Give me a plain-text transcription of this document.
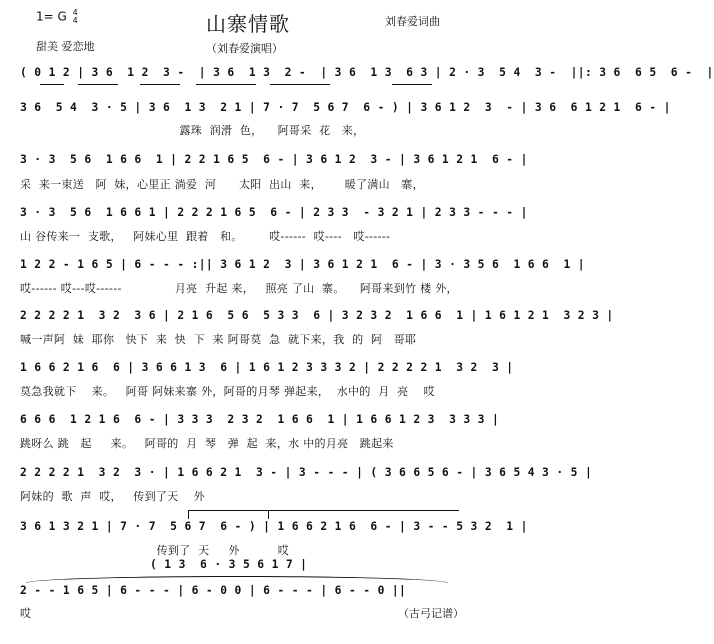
1= G 4
4
甜美 爱恋地
山寨情歌
（刘春爱演唱）
刘春爱词曲
( 0 1 2 | 3 6  1 2  3 -  | 3 6  1 3  2 -  | 3 6  1 3  6 3 | 2 · 3  5 4  3 -  ||: 3 6  6 5  6 -  |
3 6  5 4  3 · 5 | 3 6  1 3  2 1 | 7 · 7  5 6 7  6 - ) | 3 6 1 2  3  - | 3 6  6 1 2 1  6 - |
露珠  润滑  色，    阿哥采  花   来，
3 · 3  5 6  1 6 6  1 | 2 2 1 6 5  6 - | 3 6 1 2  3 - | 3 6 1 2 1  6 - |
采  来一束送   阿  妹，心里正 淌爱  河      太阳  出山  来，      暖了满山   寨，
3 · 3  5 6  1 6 6 1 | 2 2 2 1 6 5  6 - | 2 3 3  - 3 2 1 | 2 3 3 - - - |
山 谷传来一  支歌，   阿妹心里  跟着   和。       哎------  哎----   哎------
1 2 2 - 1 6 5 | 6 - - - :|| 3 6 1 2  3 | 3 6 1 2 1  6 - | 3 · 3 5 6  1 6 6  1 |
哎------ 哎---哎------              月亮  升起 来，   照亮 了山  寨。    阿哥来到竹 楼 外，
2 2 2 2 1  3 2  3 6 | 2 1 6  5 6  5 3 3  6 | 3 2 3 2  1 6 6  1 | 1 6 1 2 1  3 2 3 |
喊一声阿  妹  耶你   快下  来  快  下  来 阿哥莫  急  就下来，我  的  阿   哥耶
1 6 6 2 1 6  6 | 3 6 6 1 3  6 | 1 6 1 2 3 3 3 2 | 2 2 2 2 1  3 2  3 |
莫急我就下    来。   阿哥 阿妹来寨 外，阿哥的月琴 弹起来，  水中的  月  亮    哎
6 6 6  1 2 1 6  6 - | 3 3 3  2 3 2  1 6 6  1 | 1 6 6 1 2 3  3 3 3 |
跳呀么 跳   起     来。   阿哥的  月  琴   弹  起  来，水 中的月亮   跳起来
2 2 2 2 1  3 2  3 · | 1 6 6 2 1  3 - | 3 - - - | ( 3 6 6 5 6 - | 3 6 5 4 3 · 5 |
阿妹的  歌  声  哎，   传到了天    外
3 6 1 3 2 1 | 7 · 7  5 6 7  6 - ) | 1 6 6 2 1 6  6 - | 3 - - 5 3 2  1 |
传到了  天     外          哎
( 1 3  6 · 3 5 6 1 7 |
2 - - 1 6 5 | 6 - - - | 6 - 0 0 | 6 - - - | 6 - - 0 ||
哎	（古弓记谱）
